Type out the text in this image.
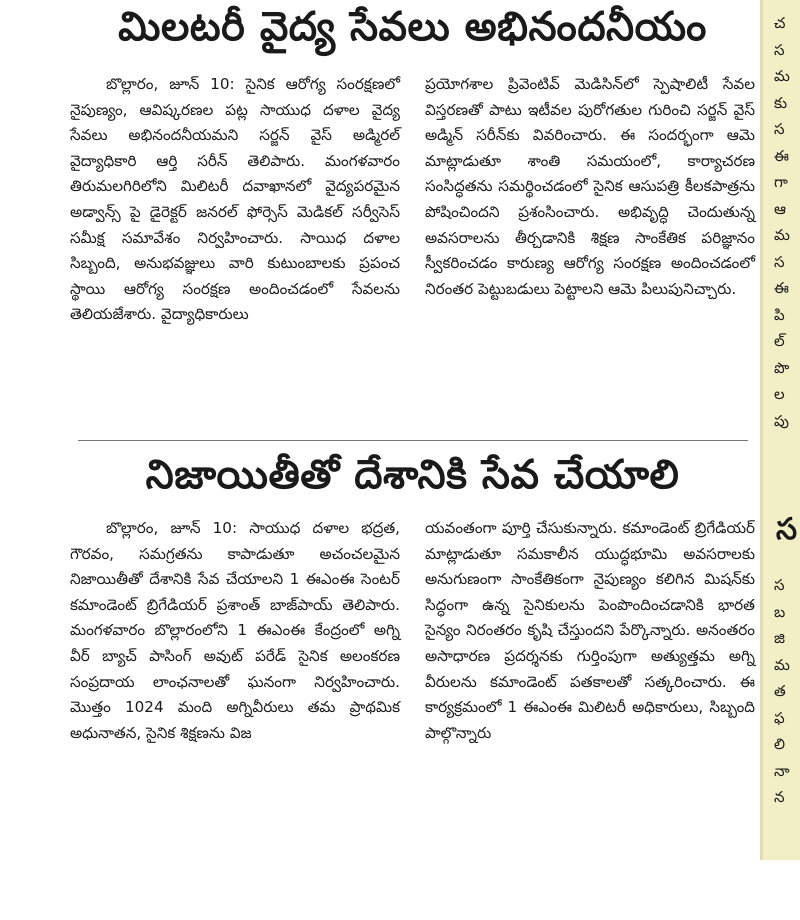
మిలటరీ వైద్య సేవలు అభినందనీయం

బొల్లారం, జూన్ 10: సైనిక ఆరోగ్య సంరక్షణలో నైపుణ్యం, ఆవిష్కరణల పట్ల సాయుధ దళాల వైద్య సేవలు అభినందనీయమని సర్జన్ వైస్ అడ్మిరల్ వైద్యాధికారి ఆర్తి సరీన్ తెలిపారు. మంగళవారం తిరుమలగిరిలోని మిలిటరీ దవాఖానలో వైద్యపరమైన అడ్వాన్స్ పై డైరెక్టర్ జనరల్ ఫోర్సెస్ మెడికల్ సర్వీసెస్ సమీక్ష సమావేశం నిర్వహించారు. సాయిధ దళాల సిబ్బంది, అనుభవజ్ఞులు వారి కుటుంబాలకు ప్రపంచ స్థాయి ఆరోగ్య సంరక్షణ అందించడంలో సేవలను తెలియజేశారు. వైద్యాధికారులు

ప్రయోగశాల ప్రివెంటివ్ మెడిసిన్‌లో స్పెషాలిటీ సేవల విస్తరణతో పాటు ఇటీవల పురోగతుల గురించి సర్జన్ వైస్ అడ్మిన్ సరీన్‌కు వివరించారు. ఈ సందర్భంగా ఆమె మాట్లాడుతూ శాంతి సమయంలో, కార్యాచరణ సంసిద్ధతను సమర్థించడంలో సైనిక ఆసుపత్రి కీలకపాత్రను పోషించిందని ప్రశంసించారు. అభివృద్ధి చెందుతున్న అవసరాలను తీర్చడానికి శిక్షణ సాంకేతిక పరిజ్ఞానం స్వీకరించడం కారుణ్య ఆరోగ్య సంరక్షణ అందించడంలో నిరంతర పెట్టుబడులు పెట్టాలని ఆమె పిలుపునిచ్చారు.

నిజాయితీతో దేశానికి సేవ చేయాలి

బొల్లారం, జూన్ 10: సాయుధ దళాల భద్రత, గౌరవం, సమగ్రతను కాపాడుతూ అచంచలమైన నిజాయితీతో దేశానికి సేవ చేయాలని 1 ఈఎంఈ సెంటర్ కమాండెంట్ బ్రిగేడియర్ ప్రశాంత్ బాజ్‌పాయ్ తెలిపారు. మంగళవారం బొల్లారంలోని 1 ఈఎంఈ కేంద్రంలో అగ్ని వీర్ బ్యాచ్ పాసింగ్ అవుట్ పరేడ్ సైనిక అలంకరణ సంప్రదాయ లాంఛనాలతో ఘనంగా నిర్వహించారు. మొత్తం 1024 మంది అగ్నివీరులు తమ ప్రాథమిక అధునాతన, సైనిక శిక్షణను విజ

యవంతంగా పూర్తి చేసుకున్నారు. కమాండెంట్ బ్రిగేడియర్ మాట్లాడుతూ సమకాలీన యుద్ధభూమి అవసరాలకు అనుగుణంగా సాంకేతికంగా నైపుణ్యం కలిగిన మిషన్‌కు సిద్ధంగా ఉన్న సైనికులను పెంపొందించడానికి భారత సైన్యం నిరంతరం కృషి చేస్తుందని పేర్కొన్నారు. అనంతరం అసాధారణ ప్రదర్శనకు గుర్తింపుగా అత్యుత్తమ అగ్ని వీరులను కమాండెంట్ పతకాలతో సత్కరించారు. ఈ కార్యక్రమంలో 1 ఈఎంఈ మిలిటరీ అధికారులు, సిబ్బంది పాల్గొన్నారు

చ
స
మ
కు
స
ఈ
గా
ఆ
మ
స
ఈ
పి
ల్
పొ
ల
పు
స
స
బ
జి
మ
త
ఫ
లి
నా
న
